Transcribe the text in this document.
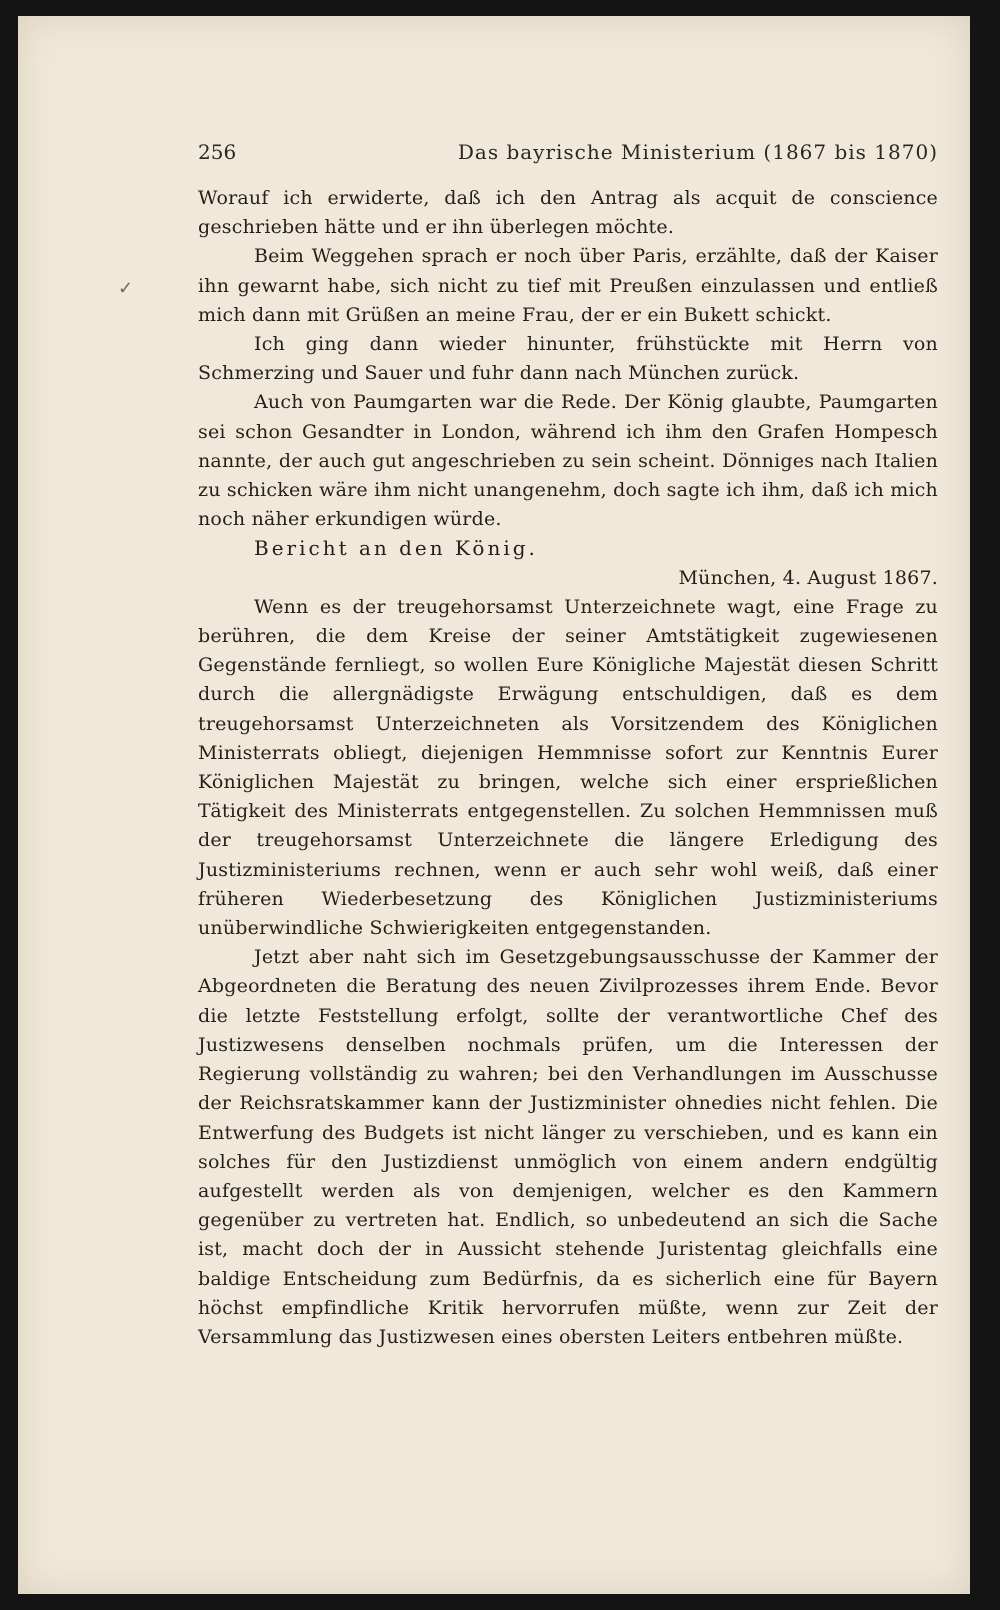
256	Das bayrische Ministerium (1867 bis 1870)
✓

Worauf ich erwiderte, daß ich den Antrag als acquit de conscience geschrieben hätte und er ihn überlegen möchte.

Beim Weggehen sprach er noch über Paris, erzählte, daß der Kaiser ihn gewarnt habe, sich nicht zu tief mit Preußen einzulassen und entließ mich dann mit Grüßen an meine Frau, der er ein Bukett schickt.

Ich ging dann wieder hinunter, frühstückte mit Herrn von Schmerzing und Sauer und fuhr dann nach München zurück.

Auch von Paumgarten war die Rede. Der König glaubte, Paumgarten sei schon Gesandter in London, während ich ihm den Grafen Hompesch nannte, der auch gut angeschrieben zu sein scheint. Dönniges nach Italien zu schicken wäre ihm nicht unangenehm, doch sagte ich ihm, daß ich mich noch näher erkundigen würde.

Bericht an den König.

München, 4. August 1867.

Wenn es der treugehorsamst Unterzeichnete wagt, eine Frage zu berühren, die dem Kreise der seiner Amtstätigkeit zugewiesenen Gegenstände fernliegt, so wollen Eure Königliche Majestät diesen Schritt durch die allergnädigste Erwägung entschuldigen, daß es dem treugehorsamst Unterzeichneten als Vorsitzendem des Königlichen Ministerrats obliegt, diejenigen Hemmnisse sofort zur Kenntnis Eurer Königlichen Majestät zu bringen, welche sich einer ersprießlichen Tätigkeit des Ministerrats entgegenstellen. Zu solchen Hemmnissen muß der treugehorsamst Unterzeichnete die längere Erledigung des Justizministeriums rechnen, wenn er auch sehr wohl weiß, daß einer früheren Wiederbesetzung des Königlichen Justizministeriums unüberwindliche Schwierigkeiten entgegenstanden.

Jetzt aber naht sich im Gesetzgebungsausschusse der Kammer der Abgeordneten die Beratung des neuen Zivilprozesses ihrem Ende. Bevor die letzte Feststellung erfolgt, sollte der verantwortliche Chef des Justizwesens denselben nochmals prüfen, um die Interessen der Regierung vollständig zu wahren; bei den Verhandlungen im Ausschusse der Reichsratskammer kann der Justizminister ohnedies nicht fehlen. Die Entwerfung des Budgets ist nicht länger zu verschieben, und es kann ein solches für den Justizdienst unmöglich von einem andern endgültig aufgestellt werden als von demjenigen, welcher es den Kammern gegenüber zu vertreten hat. Endlich, so unbedeutend an sich die Sache ist, macht doch der in Aussicht stehende Juristentag gleichfalls eine baldige Entscheidung zum Bedürfnis, da es sicherlich eine für Bayern höchst empfindliche Kritik hervorrufen müßte, wenn zur Zeit der Versammlung das Justizwesen eines obersten Leiters entbehren müßte.
